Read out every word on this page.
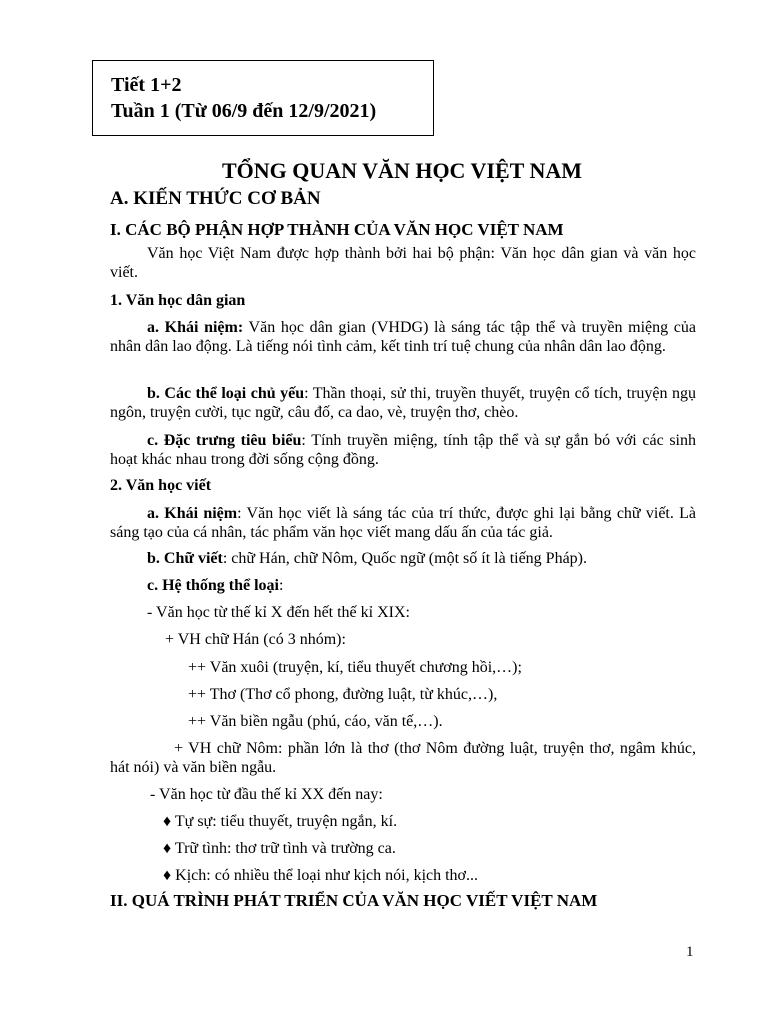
Tiết 1+2
Tuần 1 (Từ 06/9 đến 12/9/2021)
TỔNG QUAN VĂN HỌC VIỆT NAM
A. KIẾN THỨC CƠ BẢN
I. CÁC BỘ PHẬN HỢP THÀNH CỦA VĂN HỌC VIỆT NAM
Văn học Việt Nam được hợp thành bởi hai bộ phận: Văn học dân gian và văn học viết.
1. Văn học dân gian
a. Khái niệm: Văn học dân gian (VHDG) là sáng tác tập thể và truyền miệng của nhân dân lao động. Là tiếng nói tình cảm, kết tinh trí tuệ chung của nhân dân lao động.
b. Các thể loại chủ yếu: Thần thoại, sử thi, truyền thuyết, truyện cổ tích, truyện ngụ ngôn, truyện cười, tục ngữ, câu đố, ca dao, vè, truyện thơ, chèo.
c. Đặc trưng tiêu biểu: Tính truyền miệng, tính tập thể và sự gắn bó với các sinh hoạt khác nhau trong đời sống cộng đồng.
2. Văn học viết
a. Khái niệm: Văn học viết là sáng tác của trí thức, được ghi lại bằng chữ viết. Là sáng tạo của cá nhân, tác phẩm văn học viết mang dấu ấn của tác giả.
b. Chữ viết: chữ Hán, chữ Nôm, Quốc ngữ (một số ít là tiếng Pháp).
c. Hệ thống thể loại:
- Văn học từ thế kỉ X đến hết thế kỉ XIX:
+ VH chữ Hán (có 3 nhóm):
++ Văn xuôi (truyện, kí, tiểu thuyết chương hồi,…);
++ Thơ (Thơ cổ phong, đường luật, từ khúc,…),
++ Văn biền ngẫu (phú, cáo, văn tế,…).
+ VH chữ Nôm: phần lớn là thơ (thơ Nôm đường luật, truyện thơ, ngâm khúc, hát nói) và văn biền ngẫu.
- Văn học từ đầu thế kỉ XX đến nay:
♦ Tự sự: tiểu thuyết, truyện ngắn, kí.
♦ Trữ tình: thơ trữ tình và trường ca.
♦ Kịch: có nhiều thể loại như kịch nói, kịch thơ...
II. QUÁ TRÌNH PHÁT TRIỂN CỦA VĂN HỌC VIẾT VIỆT NAM
1
